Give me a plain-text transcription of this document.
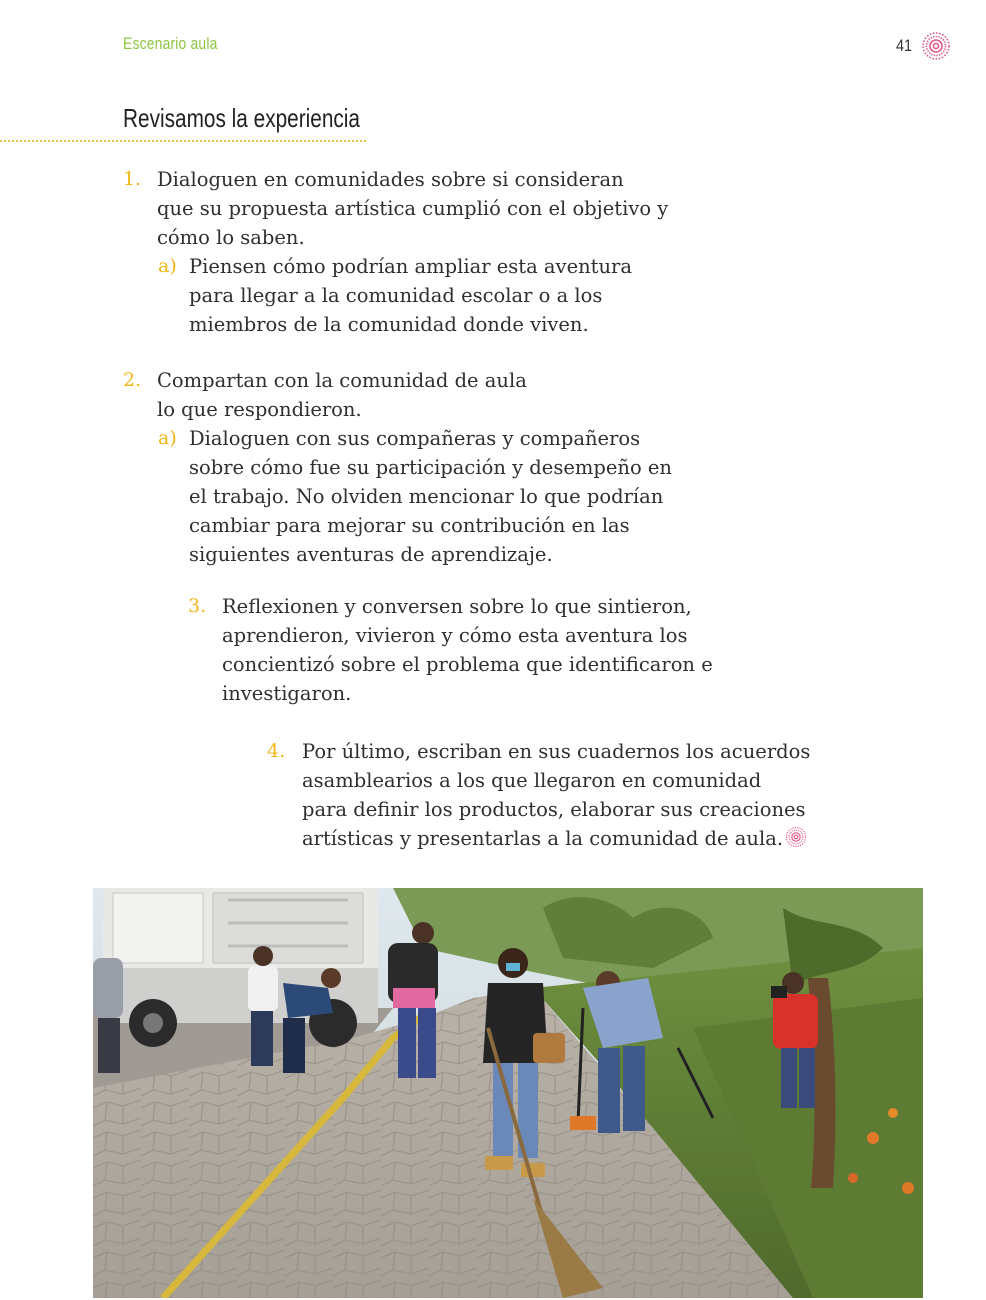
Escenario aula	41
Revisamos la experiencia
1. Dialoguen en comunidades sobre si consideran
que su propuesta artística cumplió con el objetivo y
cómo lo saben.
a) Piensen cómo podrían ampliar esta aventura
para llegar a la comunidad escolar o a los
miembros de la comunidad donde viven.
2. Compartan con la comunidad de aula
lo que respondieron.
a) Dialoguen con sus compañeras y compañeros
sobre cómo fue su participación y desempeño en
el trabajo. No olviden mencionar lo que podrían
cambiar para mejorar su contribución en las
siguientes aventuras de aprendizaje.
3. Reflexionen y conversen sobre lo que sintieron,
aprendieron, vivieron y cómo esta aventura los
concientizó sobre el problema que identificaron e
investigaron.
4. Por último, escriban en sus cuadernos los acuerdos
asamblearios a los que llegaron en comunidad
para definir los productos, elaborar sus creaciones
artísticas y presentarlas a la comunidad de aula.
